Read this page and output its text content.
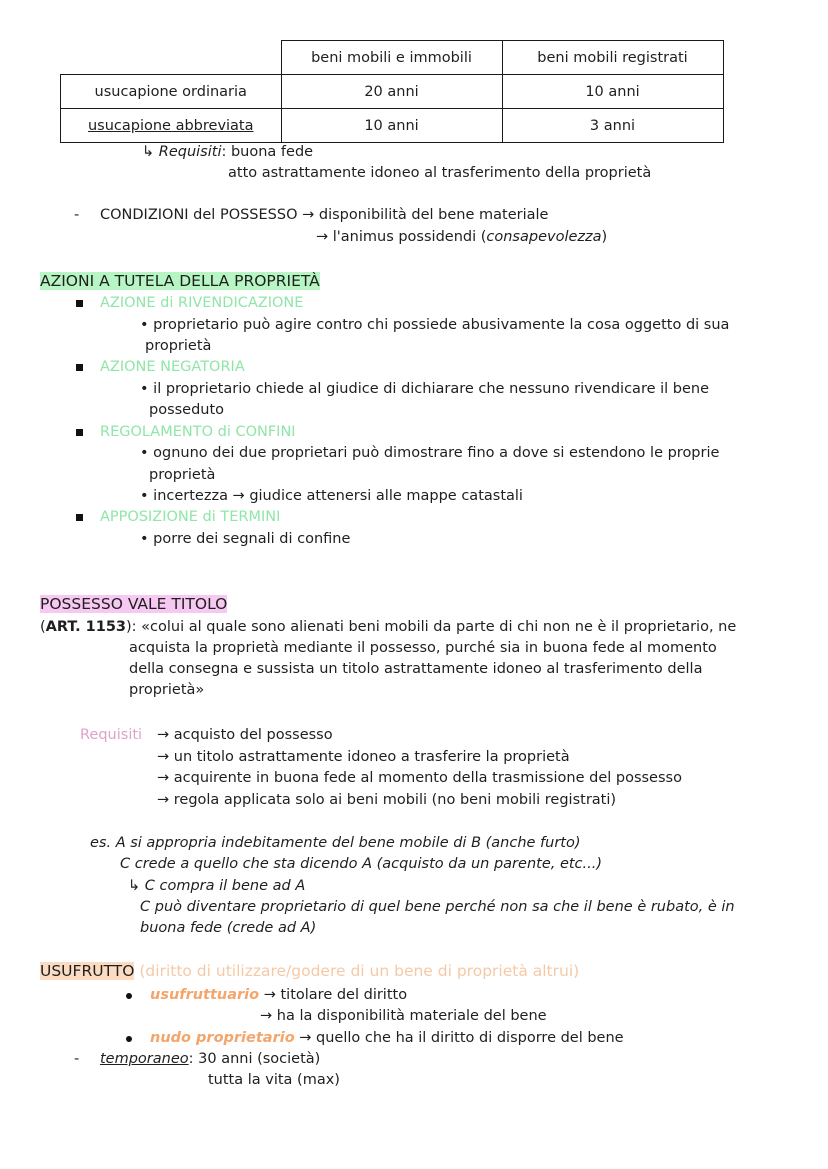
	beni mobili e immobili	beni mobili registrati
usucapione ordinaria	20 anni	10 anni
usucapione abbreviata	10 anni	3 anni
↳ Requisiti: buona fede
atto astrattamente idoneo al trasferimento della proprietà
- CONDIZIONI del POSSESSO → disponibilità del bene materiale
→ l'animus possidendi (consapevolezza)
AZIONI A TUTELA DELLA PROPRIETÀ
AZIONE di RIVENDICAZIONE
• proprietario può agire contro chi possiede abusivamente la cosa oggetto di sua
proprietà
AZIONE NEGATORIA
• il proprietario chiede al giudice di dichiarare che nessuno rivendicare il bene
posseduto
REGOLAMENTO di CONFINI
• ognuno dei due proprietari può dimostrare fino a dove si estendono le proprie
proprietà
• incertezza → giudice attenersi alle mappe catastali
APPOSIZIONE di TERMINI
• porre dei segnali di confine
POSSESSO VALE TITOLO
(ART. 1153): «colui al quale sono alienati beni mobili da parte di chi non ne è il proprietario, ne
acquista la proprietà mediante il possesso, purché sia in buona fede al momento
della consegna e sussista un titolo astrattamente idoneo al trasferimento della
proprietà»
Requisiti → acquisto del possesso
→ un titolo astrattamente idoneo a trasferire la proprietà
→ acquirente in buona fede al momento della trasmissione del possesso
→ regola applicata solo ai beni mobili (no beni mobili registrati)
es. A si appropria indebitamente del bene mobile di B (anche furto)
C crede a quello che sta dicendo A (acquisto da un parente, etc...)
↳ C compra il bene ad A
C può diventare proprietario di quel bene perché non sa che il bene è rubato, è in
buona fede (crede ad A)
USUFRUTTO (diritto di utilizzare/godere di un bene di proprietà altrui)
usufruttuario → titolare del diritto
→ ha la disponibilità materiale del bene
nudo proprietario → quello che ha il diritto di disporre del bene
- temporaneo: 30 anni (società)
tutta la vita (max)
